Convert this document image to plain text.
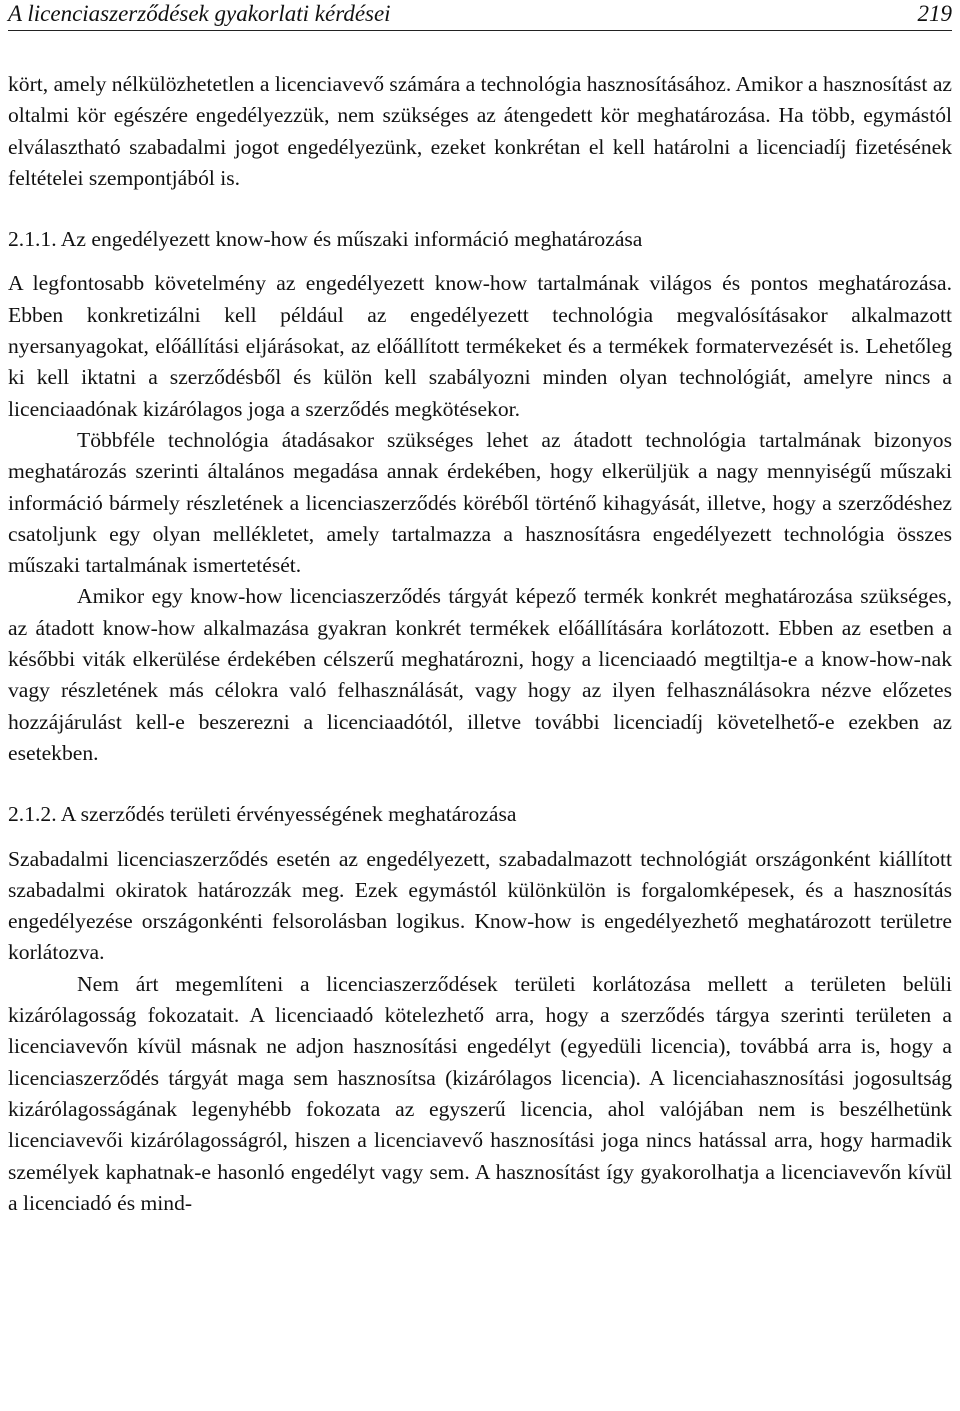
A licenciaszerződések gyakorlati kérdései	219

kört, amely nélkülözhetetlen a licenciavevő számára a technológia hasznosításához. Amikor a hasznosítást az oltalmi kör egészére engedélyezzük, nem szükséges az átengedett kör meghatározása. Ha több, egymástól elválasztható szabadalmi jogot engedélyezünk, ezeket konkrétan el kell határolni a licenciadíj fizetésének feltételei szempontjából is.

2.1.1. Az engedélyezett know-how és műszaki információ meghatározása

A legfontosabb követelmény az engedélyezett know-how tartalmának világos és pontos meghatározása. Ebben konkretizálni kell például az engedélyezett technológia megvalósításakor alkalmazott nyersanyagokat, előállítási eljárásokat, az előállított termékeket és a termékek formatervezését is. Lehetőleg ki kell iktatni a szerződésből és külön kell szabályozni minden olyan technológiát, amelyre nincs a licenciaadónak kizárólagos joga a szerződés megkötésekor.

Többféle technológia átadásakor szükséges lehet az átadott technológia tartalmának bizonyos meghatározás szerinti általános megadása annak érdekében, hogy elkerüljük a nagy mennyiségű műszaki információ bármely részletének a licenciaszerződés köréből történő kihagyását, illetve, hogy a szerződéshez csatoljunk egy olyan mellékletet, amely tartalmazza a hasznosításra engedélyezett technológia összes műszaki tartalmának ismertetését.

Amikor egy know-how licenciaszerződés tárgyát képező termék konkrét meghatározása szükséges, az átadott know-how alkalmazása gyakran konkrét termékek előállítására korlátozott. Ebben az esetben a későbbi viták elkerülése érdekében célszerű meghatározni, hogy a licenciaadó megtiltja-e a know-how-nak vagy részletének más célokra való felhasználását, vagy hogy az ilyen felhasználásokra nézve előzetes hozzájárulást kell-e beszerezni a licenciaadótól, illetve további licenciadíj követelhető-e ezekben az esetekben.

2.1.2. A szerződés területi érvényességének meghatározása

Szabadalmi licenciaszerződés esetén az engedélyezett, szabadalmazott technológiát országonként kiállított szabadalmi okiratok határozzák meg. Ezek egymástól különkülön is forgalomképesek, és a hasznosítás engedélyezése országonkénti felsorolásban logikus. Know-how is engedélyezhető meghatározott területre korlátozva.

Nem árt megemlíteni a licenciaszerződések területi korlátozása mellett a területen belüli kizárólagosság fokozatait. A licenciaadó kötelezhető arra, hogy a szerződés tárgya szerinti területen a licenciavevőn kívül másnak ne adjon hasznosítási engedélyt (egyedüli licencia), továbbá arra is, hogy a licenciaszerződés tárgyát maga sem hasznosítsa (kizárólagos licencia). A licenciahasznosítási jogosultság kizárólagosságának legenyhébb fokozata az egyszerű licencia, ahol valójában nem is beszélhetünk licenciavevői kizárólagosságról, hiszen a licenciavevő hasznosítási joga nincs hatással arra, hogy harmadik személyek kaphatnak-e hasonló engedélyt vagy sem. A hasznosítást így gyakorolhatja a licenciavevőn kívül a licenciadó és mind-
